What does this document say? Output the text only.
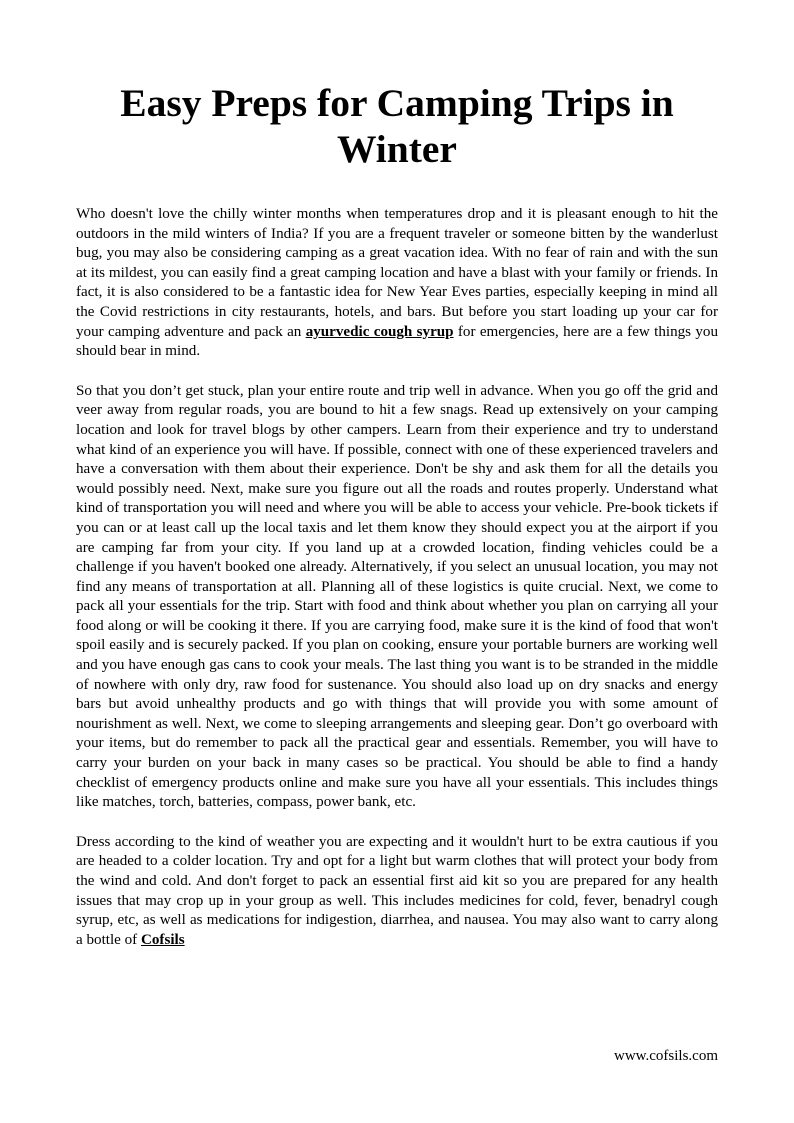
Easy Preps for Camping Trips in Winter

Who doesn't love the chilly winter months when temperatures drop and it is pleasant enough to hit the outdoors in the mild winters of India? If you are a frequent traveler or someone bitten by the wanderlust bug, you may also be considering camping as a great vacation idea. With no fear of rain and with the sun at its mildest, you can easily find a great camping location and have a blast with your family or friends. In fact, it is also considered to be a fantastic idea for New Year Eves parties, especially keeping in mind all the Covid restrictions in city restaurants, hotels, and bars. But before you start loading up your car for your camping adventure and pack an ayurvedic cough syrup for emergencies, here are a few things you should bear in mind.

So that you don’t get stuck, plan your entire route and trip well in advance. When you go off the grid and veer away from regular roads, you are bound to hit a few snags. Read up extensively on your camping location and look for travel blogs by other campers. Learn from their experience and try to understand what kind of an experience you will have. If possible, connect with one of these experienced travelers and have a conversation with them about their experience. Don't be shy and ask them for all the details you would possibly need. Next, make sure you figure out all the roads and routes properly. Understand what kind of transportation you will need and where you will be able to access your vehicle. Pre-book tickets if you can or at least call up the local taxis and let them know they should expect you at the airport if you are camping far from your city. If you land up at a crowded location, finding vehicles could be a challenge if you haven't booked one already. Alternatively, if you select an unusual location, you may not find any means of transportation at all. Planning all of these logistics is quite crucial. Next, we come to pack all your essentials for the trip. Start with food and think about whether you plan on carrying all your food along or will be cooking it there. If you are carrying food, make sure it is the kind of food that won't spoil easily and is securely packed. If you plan on cooking, ensure your portable burners are working well and you have enough gas cans to cook your meals. The last thing you want is to be stranded in the middle of nowhere with only dry, raw food for sustenance. You should also load up on dry snacks and energy bars but avoid unhealthy products and go with things that will provide you with some amount of nourishment as well. Next, we come to sleeping arrangements and sleeping gear. Don’t go overboard with your items, but do remember to pack all the practical gear and essentials. Remember, you will have to carry your burden on your back in many cases so be practical. You should be able to find a handy checklist of emergency products online and make sure you have all your essentials. This includes things like matches, torch, batteries, compass, power bank, etc.

Dress according to the kind of weather you are expecting and it wouldn't hurt to be extra cautious if you are headed to a colder location. Try and opt for a light but warm clothes that will protect your body from the wind and cold. And don't forget to pack an essential first aid kit so you are prepared for any health issues that may crop up in your group as well. This includes medicines for cold, fever, benadryl cough syrup, etc, as well as medications for indigestion, diarrhea, and nausea. You may also want to carry along a bottle of Cofsils

www.cofsils.com
